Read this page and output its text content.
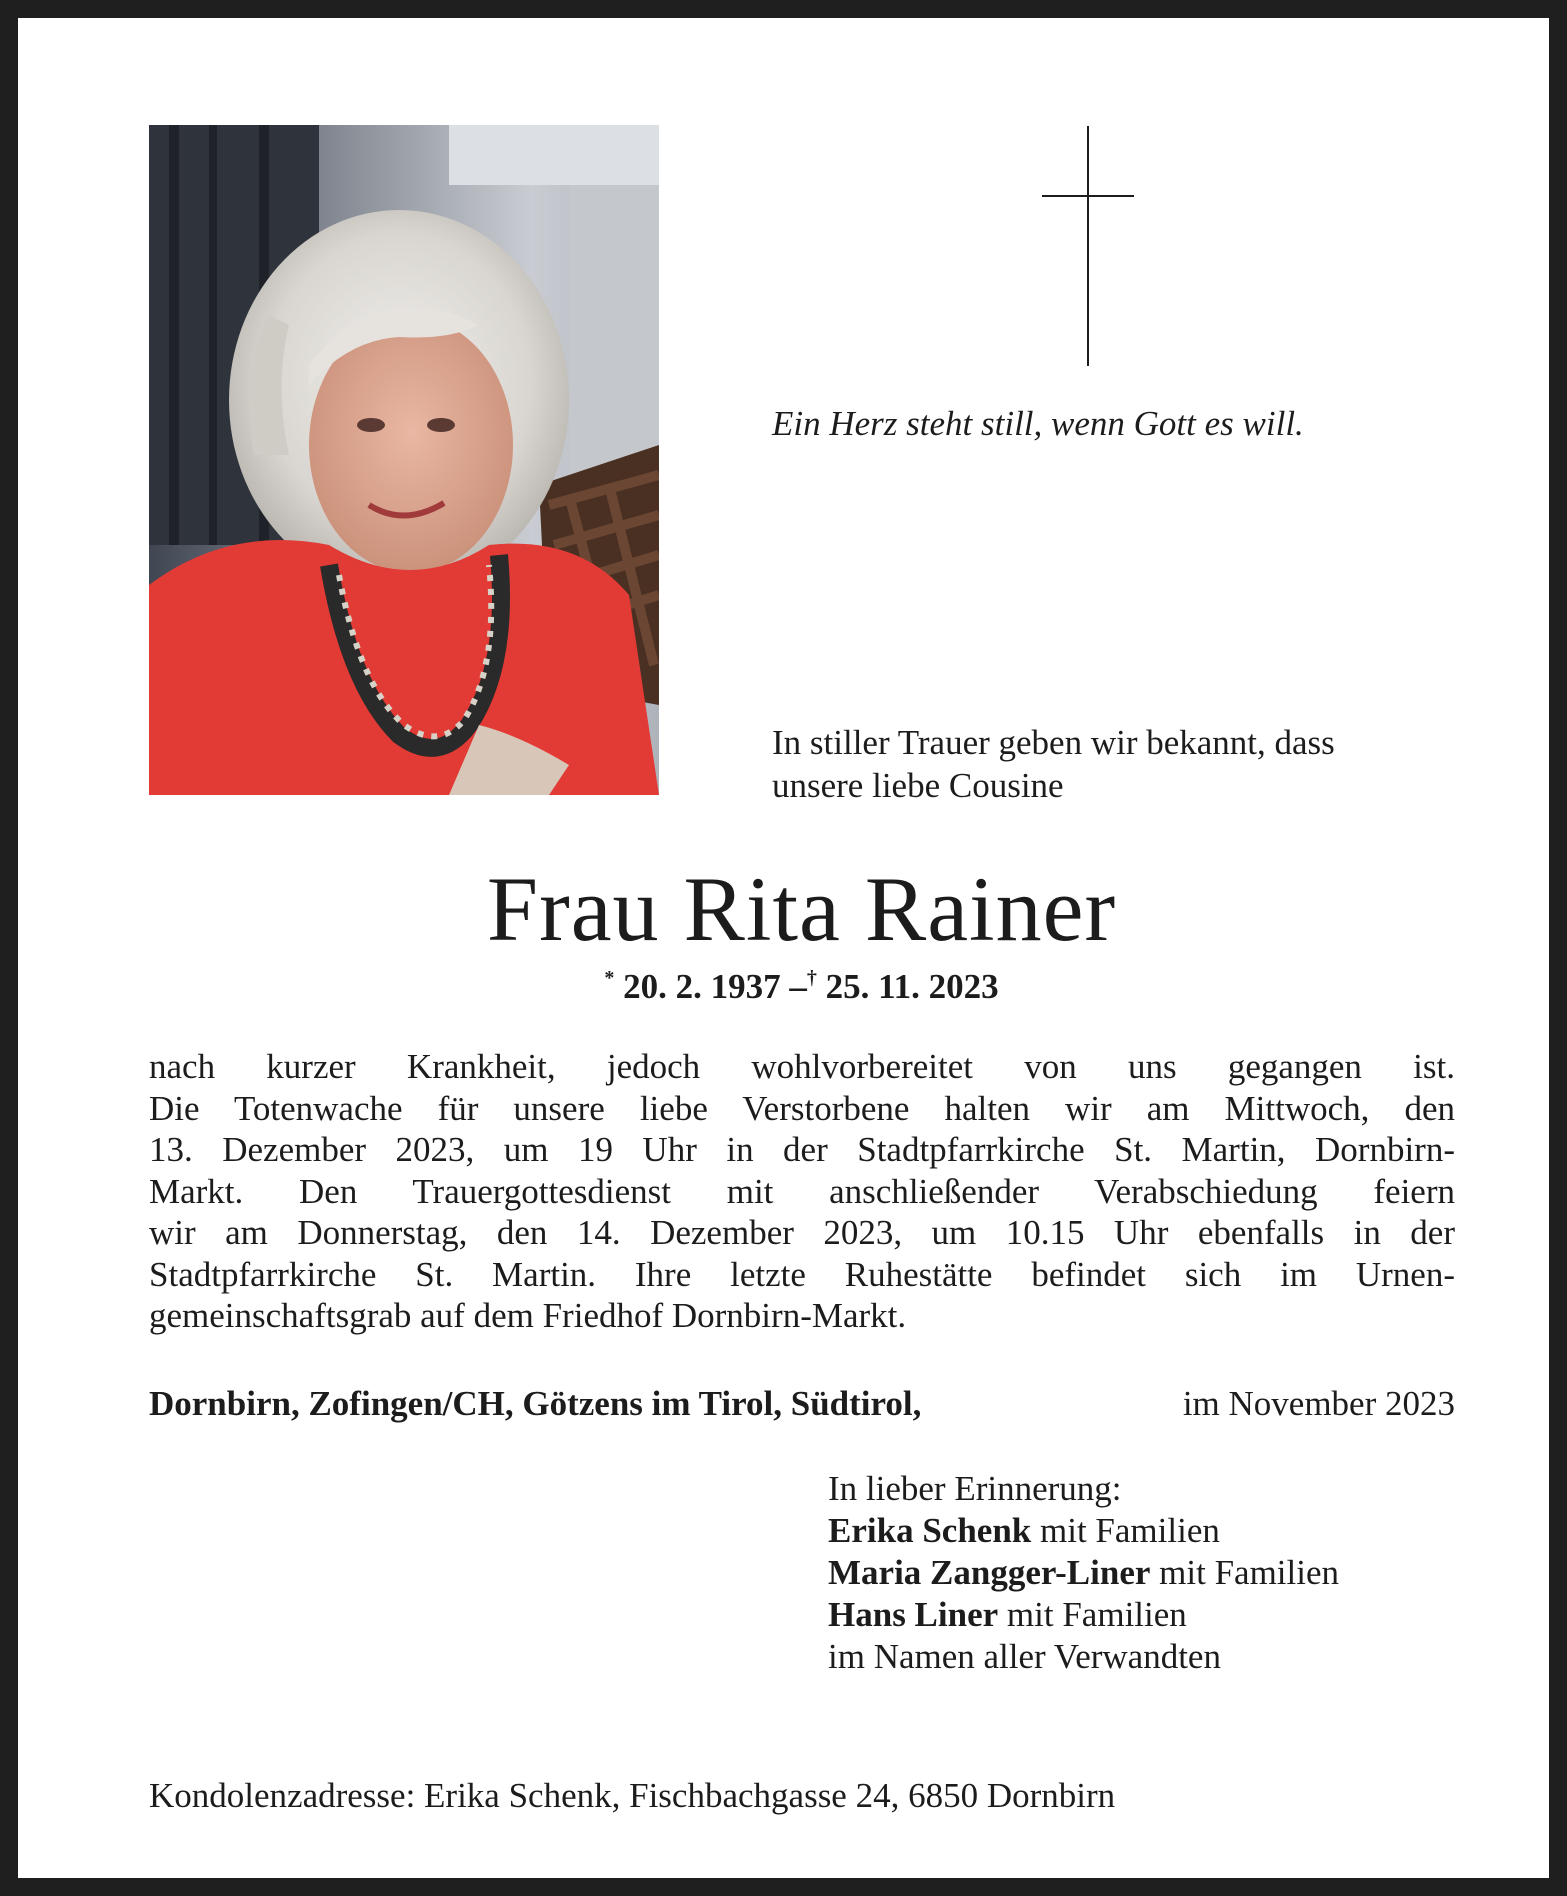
Ein Herz steht still, wenn Gott es will.
In stiller Trauer geben wir bekannt, dass
unsere liebe Cousine
Frau Rita Rainer
* 20. 2. 1937 –† 25. 11. 2023
nach kurzer Krankheit, jedoch wohlvorbereitet von uns gegangen ist.
Die Totenwache für unsere liebe Verstorbene halten wir am Mittwoch, den
13. Dezember 2023, um 19 Uhr in der Stadtpfarrkirche St. Martin, Dornbirn-
Markt. Den Trauergottesdienst mit anschließender Verabschiedung feiern
wir am Donnerstag, den 14. Dezember 2023, um 10.15 Uhr ebenfalls in der
Stadtpfarrkirche St. Martin. Ihre letzte Ruhestätte befindet sich im Urnen-
gemeinschaftsgrab auf dem Friedhof Dornbirn-Markt.
Dornbirn, Zofingen/CH, Götzens im Tirol, Südtirol,	im November 2023
In lieber Erinnerung:
Erika Schenk mit Familien
Maria Zangger-Liner mit Familien
Hans Liner mit Familien
im Namen aller Verwandten
Kondolenzadresse: Erika Schenk, Fischbachgasse 24, 6850 Dornbirn
